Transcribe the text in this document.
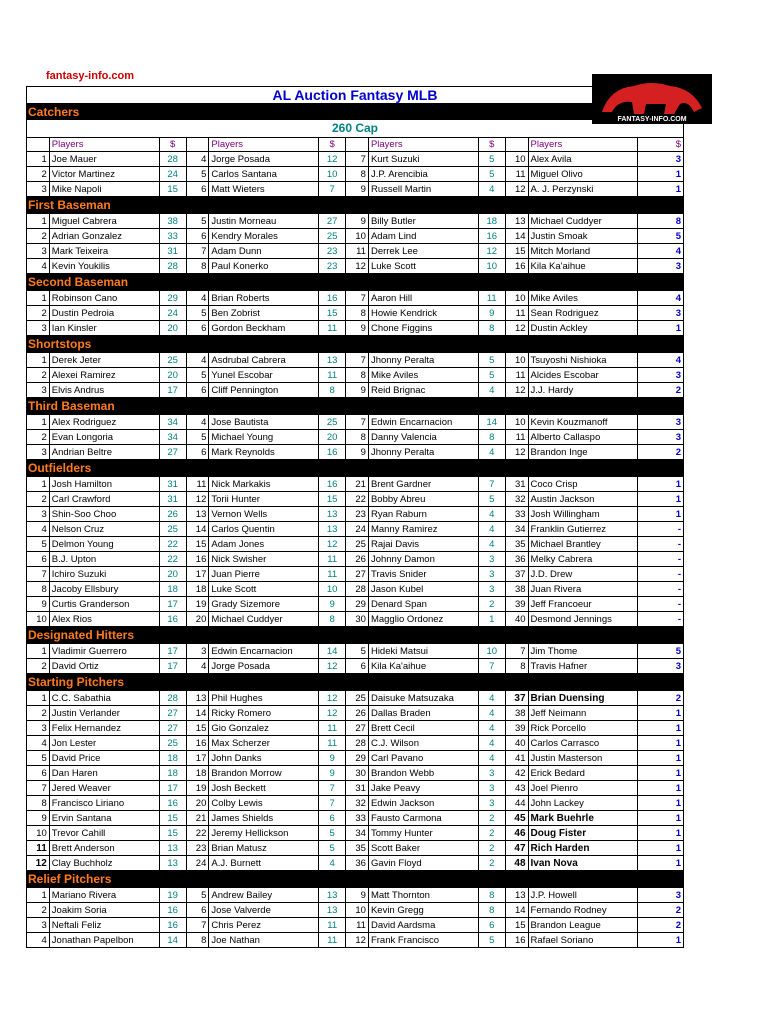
fantasy-info.com
AL Auction Fantasy MLB
FANTASY-INFO.COM
Catchers
260 Cap
	Players	$		Players	$		Players	$		Players	$
1	Joe Mauer	28	4	Jorge Posada	12	7	Kurt Suzuki	5	10	Alex Avila	3
2	Victor Martinez	24	5	Carlos Santana	10	8	J.P. Arencibia	5	11	Miguel Olivo	1
3	Mike Napoli	15	6	Matt Wieters	7	9	Russell Martin	4	12	A. J. Perzynski	1
First Baseman
1	Miguel Cabrera	38	5	Justin Morneau	27	9	Billy Butler	18	13	Michael Cuddyer	8
2	Adrian Gonzalez	33	6	Kendry Morales	25	10	Adam Lind	16	14	Justin Smoak	5
3	Mark Teixeira	31	7	Adam Dunn	23	11	Derrek Lee	12	15	Mitch Morland	4
4	Kevin Youkilis	28	8	Paul Konerko	23	12	Luke Scott	10	16	Kila Ka'aihue	3
Second Baseman
1	Robinson Cano	29	4	Brian Roberts	16	7	Aaron Hill	11	10	Mike Aviles	4
2	Dustin Pedroia	24	5	Ben Zobrist	15	8	Howie Kendrick	9	11	Sean Rodriguez	3
3	Ian Kinsler	20	6	Gordon Beckham	11	9	Chone Figgins	8	12	Dustin Ackley	1
Shortstops
1	Derek Jeter	25	4	Asdrubal Cabrera	13	7	Jhonny Peralta	5	10	Tsuyoshi Nishioka	4
2	Alexei Ramirez	20	5	Yunel Escobar	11	8	Mike Aviles	5	11	Alcides Escobar	3
3	Elvis Andrus	17	6	Cliff Pennington	8	9	Reid Brignac	4	12	J.J. Hardy	2
Third Baseman
1	Alex Rodriguez	34	4	Jose Bautista	25	7	Edwin Encarnacion	14	10	Kevin Kouzmanoff	3
2	Evan Longoria	34	5	Michael Young	20	8	Danny Valencia	8	11	Alberto Callaspo	3
3	Andrian Beltre	27	6	Mark Reynolds	16	9	Jhonny Peralta	4	12	Brandon Inge	2
Outfielders
1	Josh Hamilton	31	11	Nick Markakis	16	21	Brent Gardner	7	31	Coco Crisp	1
2	Carl Crawford	31	12	Torii Hunter	15	22	Bobby Abreu	5	32	Austin Jackson	1
3	Shin-Soo Choo	26	13	Vernon Wells	13	23	Ryan Raburn	4	33	Josh Willingham	1
4	Nelson Cruz	25	14	Carlos Quentin	13	24	Manny Ramirez	4	34	Franklin Gutierrez	-
5	Delmon Young	22	15	Adam Jones	12	25	Rajai Davis	4	35	Michael Brantley	-
6	B.J. Upton	22	16	Nick Swisher	11	26	Johnny Damon	3	36	Melky Cabrera	-
7	Ichiro Suzuki	20	17	Juan Pierre	11	27	Travis Snider	3	37	J.D. Drew	-
8	Jacoby Ellsbury	18	18	Luke Scott	10	28	Jason Kubel	3	38	Juan Rivera	-
9	Curtis Granderson	17	19	Grady Sizemore	9	29	Denard Span	2	39	Jeff Francoeur	-
10	Alex Rios	16	20	Michael Cuddyer	8	30	Magglio Ordonez	1	40	Desmond Jennings	-
Designated Hitters
1	Vladimir Guerrero	17	3	Edwin Encarnacion	14	5	Hideki Matsui	10	7	Jim Thome	5
2	David Ortiz	17	4	Jorge Posada	12	6	Kila Ka'aihue	7	8	Travis Hafner	3
Starting Pitchers
1	C.C. Sabathia	28	13	Phil Hughes	12	25	Daisuke Matsuzaka	4	37	Brian Duensing	2
2	Justin Verlander	27	14	Ricky Romero	12	26	Dallas Braden	4	38	Jeff Neimann	1
3	Felix Hernandez	27	15	Gio Gonzalez	11	27	Brett Cecil	4	39	Rick Porcello	1
4	Jon Lester	25	16	Max Scherzer	11	28	C.J. Wilson	4	40	Carlos Carrasco	1
5	David Price	18	17	John Danks	9	29	Carl Pavano	4	41	Justin Masterson	1
6	Dan Haren	18	18	Brandon Morrow	9	30	Brandon Webb	3	42	Erick Bedard	1
7	Jered Weaver	17	19	Josh Beckett	7	31	Jake Peavy	3	43	Joel Pienro	1
8	Francisco Liriano	16	20	Colby Lewis	7	32	Edwin Jackson	3	44	John Lackey	1
9	Ervin Santana	15	21	James Shields	6	33	Fausto Carmona	2	45	Mark Buehrle	1
10	Trevor Cahill	15	22	Jeremy Hellickson	5	34	Tommy Hunter	2	46	Doug Fister	1
11	Brett Anderson	13	23	Brian Matusz	5	35	Scott Baker	2	47	Rich Harden	1
12	Clay Buchholz	13	24	A.J. Burnett	4	36	Gavin Floyd	2	48	Ivan Nova	1
Relief Pitchers
1	Mariano Rivera	19	5	Andrew Bailey	13	9	Matt Thornton	8	13	J.P. Howell	3
2	Joakim Soria	16	6	Jose Valverde	13	10	Kevin Gregg	8	14	Fernando Rodney	2
3	Neftali Feliz	16	7	Chris Perez	11	11	David Aardsma	6	15	Brandon League	2
4	Jonathan Papelbon	14	8	Joe Nathan	11	12	Frank Francisco	5	16	Rafael Soriano	1
